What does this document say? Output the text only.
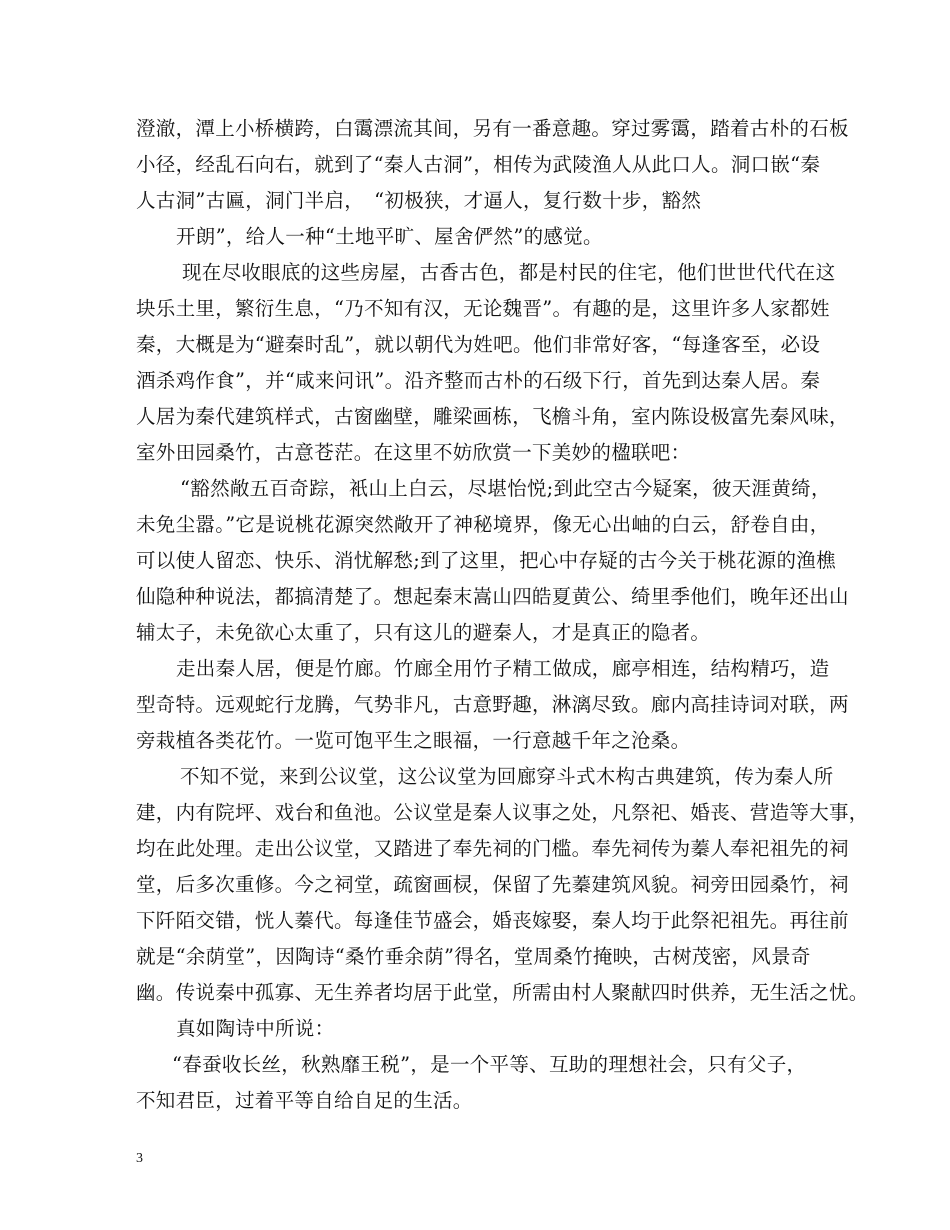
澄澈，潭上小桥横跨，白霭漂流其间，另有一番意趣。穿过雾霭，踏着古朴的石板
小径，经乱石向右，就到了“秦人古洞”，相传为武陵渔人从此口人。洞口嵌“秦
人古洞”古匾，洞门半启，　“初极狭，才逼人，复行数十步，豁然
开朗”，给人一种“土地平旷、屋舍俨然”的感觉。
现在尽收眼底的这些房屋，古香古色，都是村民的住宅，他们世世代代在这
块乐土里，繁衍生息，“乃不知有汉，无论魏晋”。有趣的是，这里许多人家都姓
秦，大概是为“避秦时乱”，就以朝代为姓吧。他们非常好客，“每逢客至，必设
酒杀鸡作食”，并“咸来问讯”。沿齐整而古朴的石级下行，首先到达秦人居。秦
人居为秦代建筑样式，古窗幽壁，雕梁画栋，飞檐斗角，室内陈设极富先秦风味，
室外田园桑竹，古意苍茫。在这里不妨欣赏一下美妙的楹联吧：
“豁然敞五百奇踪，衹山上白云，尽堪怡悦;到此空古今疑案，彼天涯黄绮，
未免尘嚣。”它是说桃花源突然敞开了神秘境界，像无心出岫的白云，舒卷自由，
可以使人留恋、快乐、消忧解愁;到了这里，把心中存疑的古今关于桃花源的渔樵
仙隐种种说法，都搞清楚了。想起秦末嵩山四皓夏黄公、绮里季他们，晚年还出山
辅太子，未免欲心太重了，只有这儿的避秦人，才是真正的隐者。
走出秦人居，便是竹廊。竹廊全用竹子精工做成，廊亭相连，结构精巧，造
型奇特。远观蛇行龙腾，气势非凡，古意野趣，淋漓尽致。廊内高挂诗词对联，两
旁栽植各类花竹。一览可饱平生之眼福，一行意越千年之沧桑。
不知不觉，来到公议堂，这公议堂为回廊穿斗式木构古典建筑，传为秦人所
建，内有院坪、戏台和鱼池。公议堂是秦人议事之处，凡祭祀、婚丧、营造等大事，
均在此处理。走出公议堂，又踏进了奉先祠的门槛。奉先祠传为蓁人奉祀祖先的祠
堂，后多次重修。今之祠堂，疏窗画棂，保留了先蓁建筑风貌。祠旁田园桑竹，祠
下阡陌交错，恍人蓁代。每逢佳节盛会，婚丧嫁娶，秦人均于此祭祀祖先。再往前
就是“余荫堂”，因陶诗“桑竹垂余荫”得名，堂周桑竹掩映，古树茂密，风景奇
幽。传说秦中孤寡、无生养者均居于此堂，所需由村人聚献四时供养，无生活之忧。
真如陶诗中所说：
“春蚕收长丝，秋熟靡王税”，是一个平等、互助的理想社会，只有父子，
不知君臣，过着平等自给自足的生活。
3
